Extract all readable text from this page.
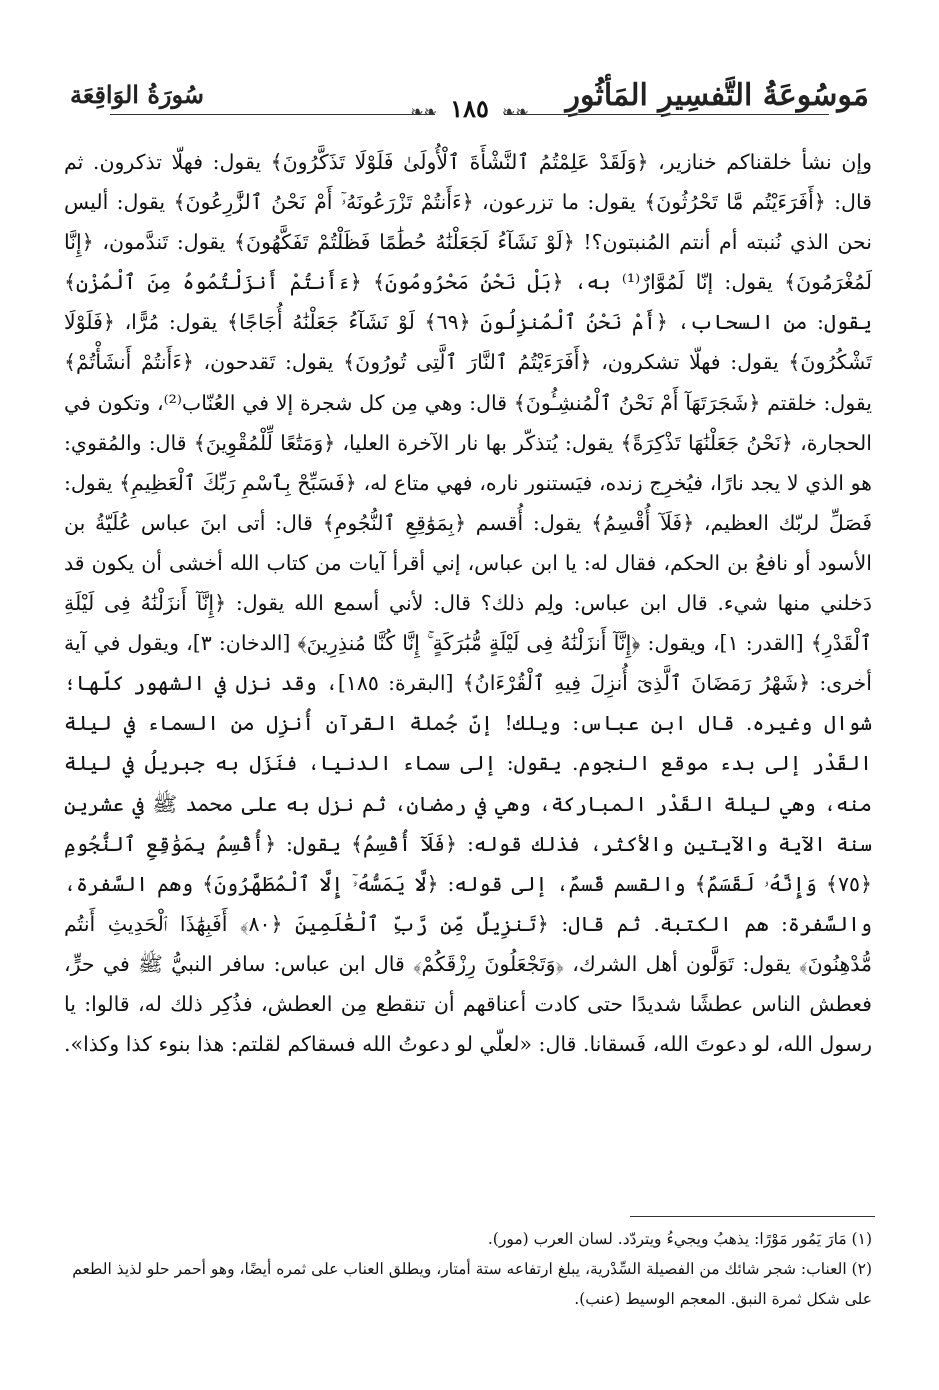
مَوسُوعَةُ التَّفسِيرِ المَأثُورِ
سُورَةُ الوَاقِعَة
❧❧ ١٨٥ ❧❧

وإن نشأ خلقناكم خنازير، ﴿وَلَقَدْ عَلِمْتُمُ ٱلنَّشْأَةَ ٱلْأُولَىٰ فَلَوْلَا تَذَكَّرُونَ﴾ يقول: فهلّا تذكرون. ثم قال: ﴿أَفَرَءَيْتُم مَّا تَحْرُثُونَ﴾ يقول: ما تزرعون، ﴿ءَأَنتُمْ تَزْرَعُونَهُۥٓ أَمْ نَحْنُ ٱلزَّٰرِعُونَ﴾ يقول: أليس نحن الذي نُنبته أم أنتم المُنبتون؟! ﴿لَوْ نَشَآءُ لَجَعَلْنَٰهُ حُطَٰمًا فَظَلْتُمْ تَفَكَّهُونَ﴾ يقول: تَندَّمون، ﴿إِنَّا لَمُغْرَمُونَ﴾ يقول: إنّا لَمُوَّارٌ⁽¹⁾ به، ﴿بَلْ نَحْنُ مَحْرُومُونَ﴾ ﴿ءَأَنتُمْ أَنزَلْتُمُوهُ مِنَ ٱلْمُزْنِ﴾ يقول: من السحاب، ﴿أَمْ نَحْنُ ٱلْمُنزِلُونَ ﴿٦٩﴾ لَوْ نَشَآءُ جَعَلْنَٰهُ أُجَاجًا﴾ يقول: مُرًّا، ﴿فَلَوْلَا تَشْكُرُونَ﴾ يقول: فهلّا تشكرون، ﴿أَفَرَءَيْتُمُ ٱلنَّارَ ٱلَّتِى تُورُونَ﴾ يقول: تَقدحون، ﴿ءَأَنتُمْ أَنشَأْتُمْ﴾ يقول: خلقتم ﴿شَجَرَتَهَآ أَمْ نَحْنُ ٱلْمُنشِـُٔونَ﴾ قال: وهي مِن كل شجرة إلا في العُنّاب⁽²⁾، وتكون في الحجارة، ﴿نَحْنُ جَعَلْنَٰهَا تَذْكِرَةً﴾ يقول: يُتذكّر بها نار الآخرة العليا، ﴿وَمَتَٰعًا لِّلْمُقْوِينَ﴾ قال: والمُقوي: هو الذي لا يجد نارًا، فيُخرِج زنده، فيَستنور ناره، فهي متاع له، ﴿فَسَبِّحْ بِٱسْمِ رَبِّكَ ٱلْعَظِيمِ﴾ يقول: فَصَلِّ لربّك العظيم، ﴿فَلَآ أُقْسِمُ﴾ يقول: أُقسم ﴿بِمَوَٰقِعِ ٱلنُّجُومِ﴾ قال: أتى ابنَ عباس عُلَيّةُ بن الأسود أو نافعُ بن الحكم، فقال له: يا ابن عباس، إني أقرأ آيات من كتاب الله أخشى أن يكون قد دَخلني منها شيء. قال ابن عباس: ولِم ذلك؟ قال: لأني أسمع الله يقول: ﴿إِنَّآ أَنزَلْنَٰهُ فِى لَيْلَةِ ٱلْقَدْرِ﴾ [القدر: ١]، ويقول: ﴿إِنَّآ أَنزَلْنَٰهُ فِى لَيْلَةٍ مُّبَٰرَكَةٍ ۚ إِنَّا كُنَّا مُنذِرِينَ﴾ [الدخان: ٣]، ويقول في آية أخرى: ﴿شَهْرُ رَمَضَانَ ٱلَّذِىٓ أُنزِلَ فِيهِ ٱلْقُرْءَانُ﴾ [البقرة: ١٨٥]، وقد نزل في الشهور كلّها؛ شوال وغيره. قال ابن عباس: ويلك! إنّ جُملة القرآن أُنزِل من السماء في ليلة القَدْر إلى بدء موقع النجوم. يقول: إلى سماء الدنيا، فنَزَل به جبريلُ في ليلة منه، وهي ليلة القَدْر المباركة، وهي في رمضان، ثم نزل به على محمد ﷺ في عشرين سنة الآية والآيتين والأكثر، فذلك قوله: ﴿فَلَآ أُقْسِمُ﴾ يقول: ﴿أُقْسِمُ بِمَوَٰقِعِ ٱلنُّجُومِ ﴿٧٥﴾ وَإِنَّهُۥ لَقَسَمٌ﴾ والقسم قَسمٌ، إلى قوله: ﴿لَّا يَمَسُّهُۥٓ إِلَّا ٱلْمُطَهَّرُونَ﴾ وهم السَّفرة، والسَّفرة: هم الكتبة. ثم قال: ﴿تَنزِيلٌ مِّن رَّبِّ ٱلْعَٰلَمِينَ ﴿٨٠﴾ أَفَبِهَٰذَا ٱلْحَدِيثِ أَنتُم مُّدْهِنُونَ﴾ يقول: تَوَلَّون أهل الشرك، ﴿وَتَجْعَلُونَ رِزْقَكُمْ﴾ قال ابن عباس: سافر النبيُّ ﷺ في حرٍّ، فعطش الناس عطشًا شديدًا حتى كادت أعناقهم أن تنقطع مِن العطش، فذُكِر ذلك له، قالوا: يا رسول الله، لو دعوتَ الله، فَسقانا. قال: «لعلّي لو دعوتُ الله فسقاكم لقلتم: هذا بنوء كذا وكذا».

(١) مَارَ يَمُور مَوْرًا: يذهبُ ويجيءُ ويتردّد. لسان العرب (مور).

(٢) العناب: شجر شائك من الفصيلة السِّدْرية، يبلغ ارتفاعه ستة أمتار، ويطلق العناب على ثمره أيضًا، وهو أحمر حلو لذيذ الطعم على شكل ثمرة النبق. المعجم الوسيط (عنب).
